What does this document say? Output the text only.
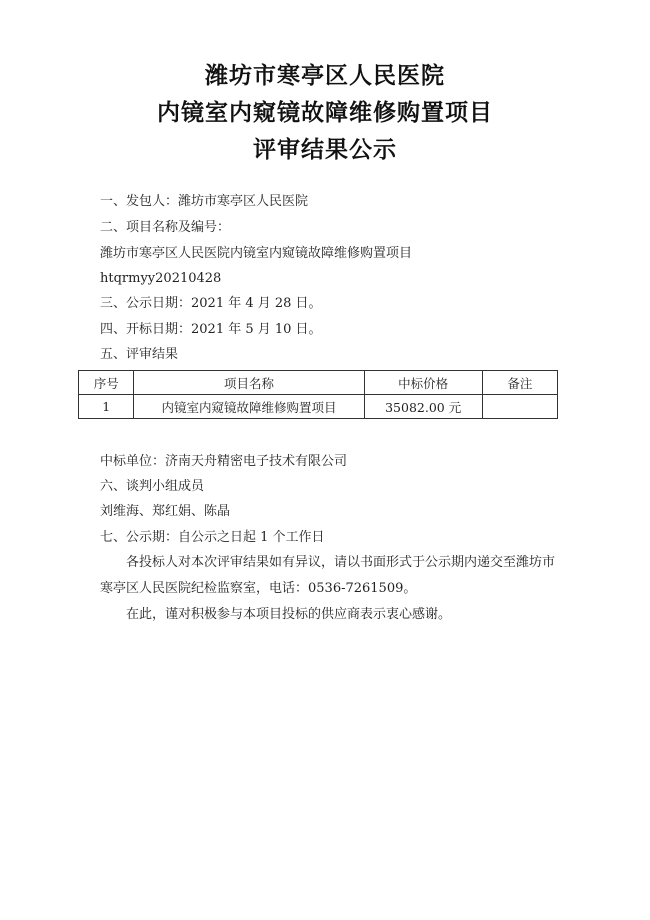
潍坊市寒亭区人民医院
内镜室内窥镜故障维修购置项目
评审结果公示
一、发包人：潍坊市寒亭区人民医院
二、项目名称及编号：
潍坊市寒亭区人民医院内镜室内窥镜故障维修购置项目
htqrmyy20210428
三、公示日期：2021 年 4 月 28 日。
四、开标日期：2021 年 5 月 10 日。
五、评审结果
序号	项目名称	中标价格	备注
1	内镜室内窥镜故障维修购置项目	35082.00 元	
中标单位：济南天舟精密电子技术有限公司
六、谈判小组成员
刘维海、郑红娟、陈晶
七、公示期：自公示之日起 1 个工作日
各投标人对本次评审结果如有异议，请以书面形式于公示期内递交至潍坊市寒亭区人民医院纪检监察室，电话：0536-7261509。
在此，谨对积极参与本项目投标的供应商表示衷心感谢。
